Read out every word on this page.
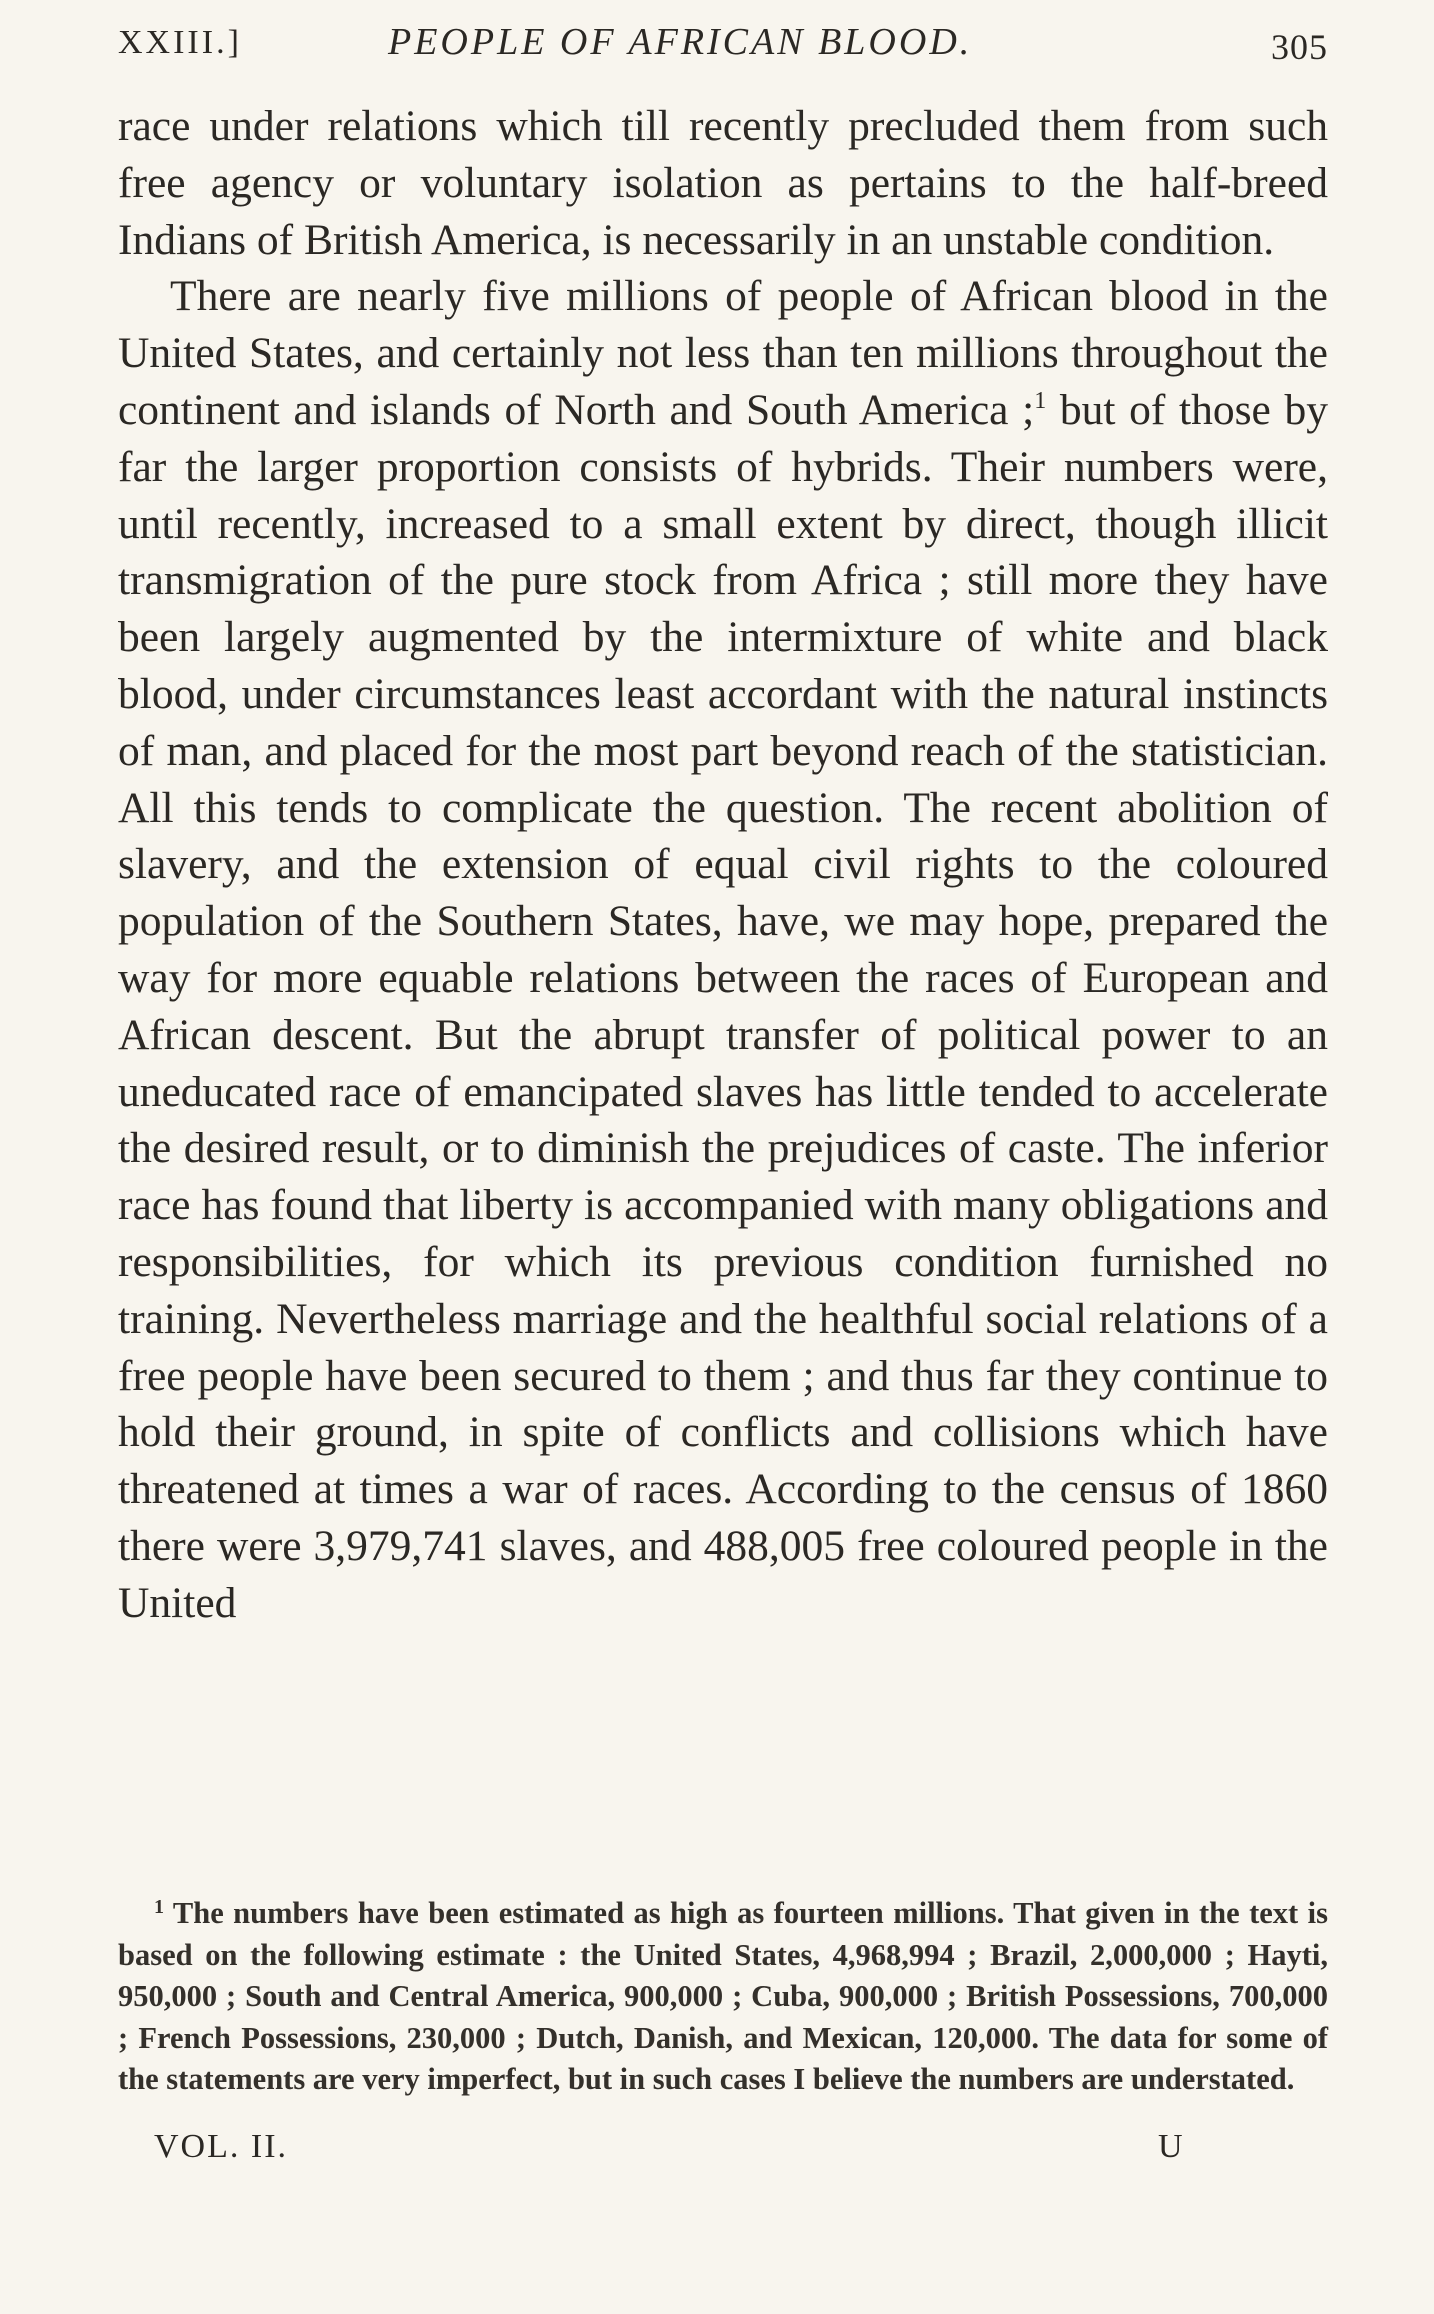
XXIII.]	PEOPLE OF AFRICAN BLOOD.	305

race under relations which till recently precluded them from such free agency or voluntary isolation as pertains to the half-breed Indians of British America, is necessarily in an unstable condition.

There are nearly five millions of people of African blood in the United States, and certainly not less than ten millions throughout the continent and islands of North and South America ;$^1$ but of those by far the larger proportion consists of hybrids. Their numbers were, until recently, increased to a small extent by direct, though illicit transmigration of the pure stock from Africa ; still more they have been largely augmented by the intermixture of white and black blood, under circumstances least accordant with the natural instincts of man, and placed for the most part beyond reach of the statistician. All this tends to complicate the question. The recent abolition of slavery, and the extension of equal civil rights to the coloured population of the Southern States, have, we may hope, prepared the way for more equable relations between the races of European and African descent. But the abrupt transfer of political power to an uneducated race of emancipated slaves has little tended to accelerate the desired result, or to diminish the prejudices of caste. The inferior race has found that liberty is accompanied with many obligations and responsibilities, for which its previous condition furnished no training. Nevertheless marriage and the healthful social relations of a free people have been secured to them ; and thus far they continue to hold their ground, in spite of conflicts and collisions which have threatened at times a war of races. According to the census of 1860 there were 3,979,741 slaves, and 488,005 free coloured people in the United

$^1$ The numbers have been estimated as high as fourteen millions. That given in the text is based on the following estimate : the United States, 4,968,994 ; Brazil, 2,000,000 ; Hayti, 950,000 ; South and Central America, 900,000 ; Cuba, 900,000 ; British Possessions, 700,000 ; French Possessions, 230,000 ; Dutch, Danish, and Mexican, 120,000. The data for some of the statements are very imperfect, but in such cases I believe the numbers are understated.

VOL. II.	U
